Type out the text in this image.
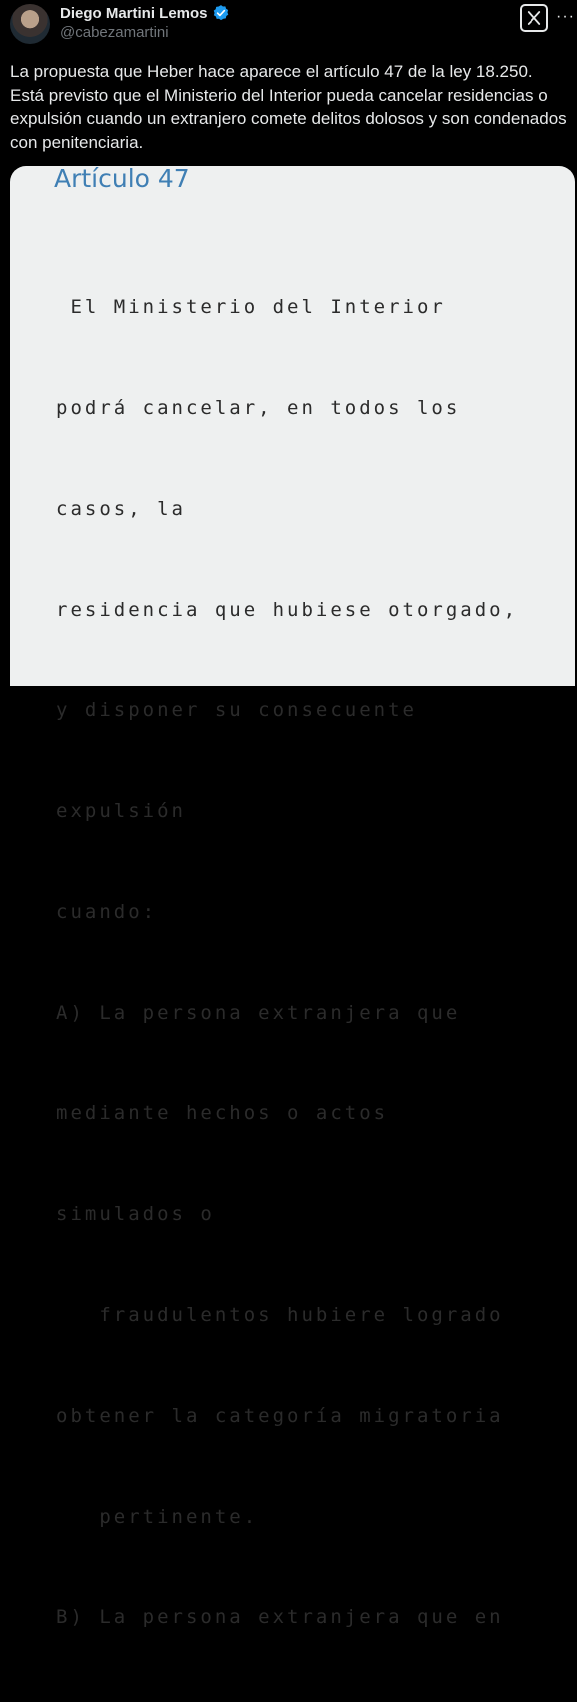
Diego Martini Lemos
@cabezamartini
···

La propuesta que Heber hace aparece el artículo 47 de la ley 18.250. Está previsto que el Ministerio del Interior pueda cancelar residencias o expulsión cuando un extranjero comete delitos dolosos y son condenados con penitenciaria.

Artículo 47

El Ministerio del Interior

podrá cancelar, en todos los

casos, la

residencia que hubiese otorgado,

y disponer su consecuente

expulsión

cuando:

A) La persona extranjera que

mediante hechos o actos

simulados o

fraudulentos hubiere logrado

obtener la categoría migratoria

pertinente.

B) La persona extranjera que en
